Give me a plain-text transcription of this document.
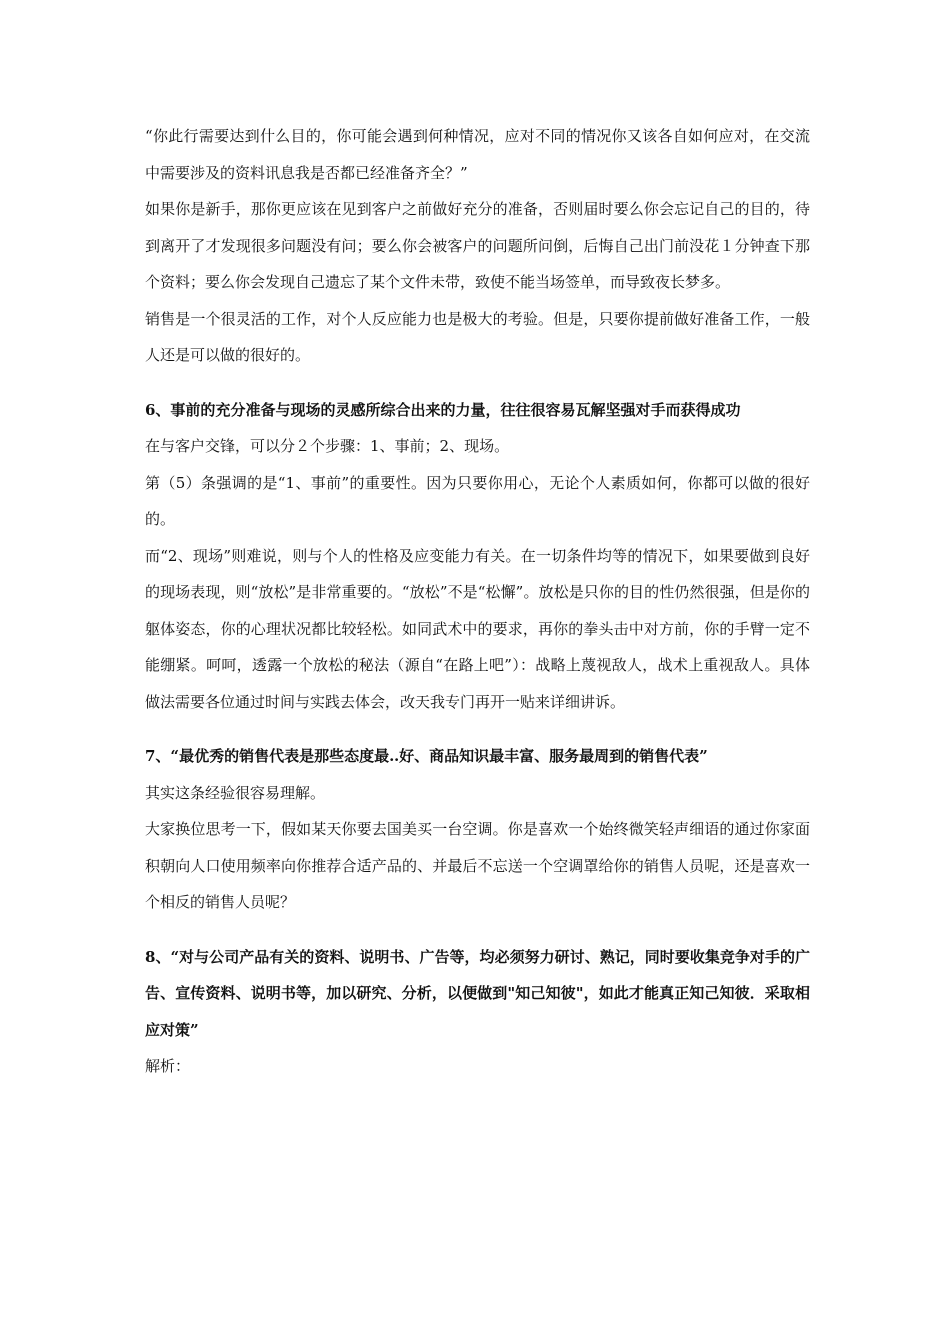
“你此行需要达到什么目的，你可能会遇到何种情况，应对不同的情况你又该各自如何应对，在交流中需要涉及的资料讯息我是否都已经准备齐全？”

如果你是新手，那你更应该在见到客户之前做好充分的准备，否则届时要么你会忘记自己的目的，待到离开了才发现很多问题没有问；要么你会被客户的问题所问倒，后悔自己出门前没花１分钟查下那个资料；要么你会发现自己遗忘了某个文件未带，致使不能当场签单，而导致夜长梦多。

销售是一个很灵活的工作，对个人反应能力也是极大的考验。但是，只要你提前做好准备工作，一般人还是可以做的很好的。

6、事前的充分准备与现场的灵感所综合出来的力量，往往很容易瓦解坚强对手而获得成功

在与客户交锋，可以分２个步骤：1、事前；2、现场。

第（5）条强调的是“1、事前”的重要性。因为只要你用心，无论个人素质如何，你都可以做的很好的。

而“2、现场”则难说，则与个人的性格及应变能力有关。在一切条件均等的情况下，如果要做到良好的现场表现，则“放松”是非常重要的。“放松”不是“松懈”。放松是只你的目的性仍然很强，但是你的躯体姿态，你的心理状况都比较轻松。如同武术中的要求，再你的拳头击中对方前，你的手臂一定不能绷紧。呵呵，透露一个放松的秘法（源自“在路上吧”）：战略上蔑视敌人，战术上重视敌人。具体做法需要各位通过时间与实践去体会，改天我专门再开一贴来详细讲诉。

7、“最优秀的销售代表是那些态度最‥好、商品知识最丰富、服务最周到的销售代表”

其实这条经验很容易理解。

大家换位思考一下，假如某天你要去国美买一台空调。你是喜欢一个始终微笑轻声细语的通过你家面积朝向人口使用频率向你推荐合适产品的、并最后不忘送一个空调罩给你的销售人员呢，还是喜欢一个相反的销售人员呢？

8、“对与公司产品有关的资料、说明书、广告等，均必须努力研讨、熟记，同时要收集竞争对手的广告、宣传资料、说明书等，加以研究、分析，以便做到"知己知彼"，如此才能真正知己知彼．采取相应对策”

解析：
